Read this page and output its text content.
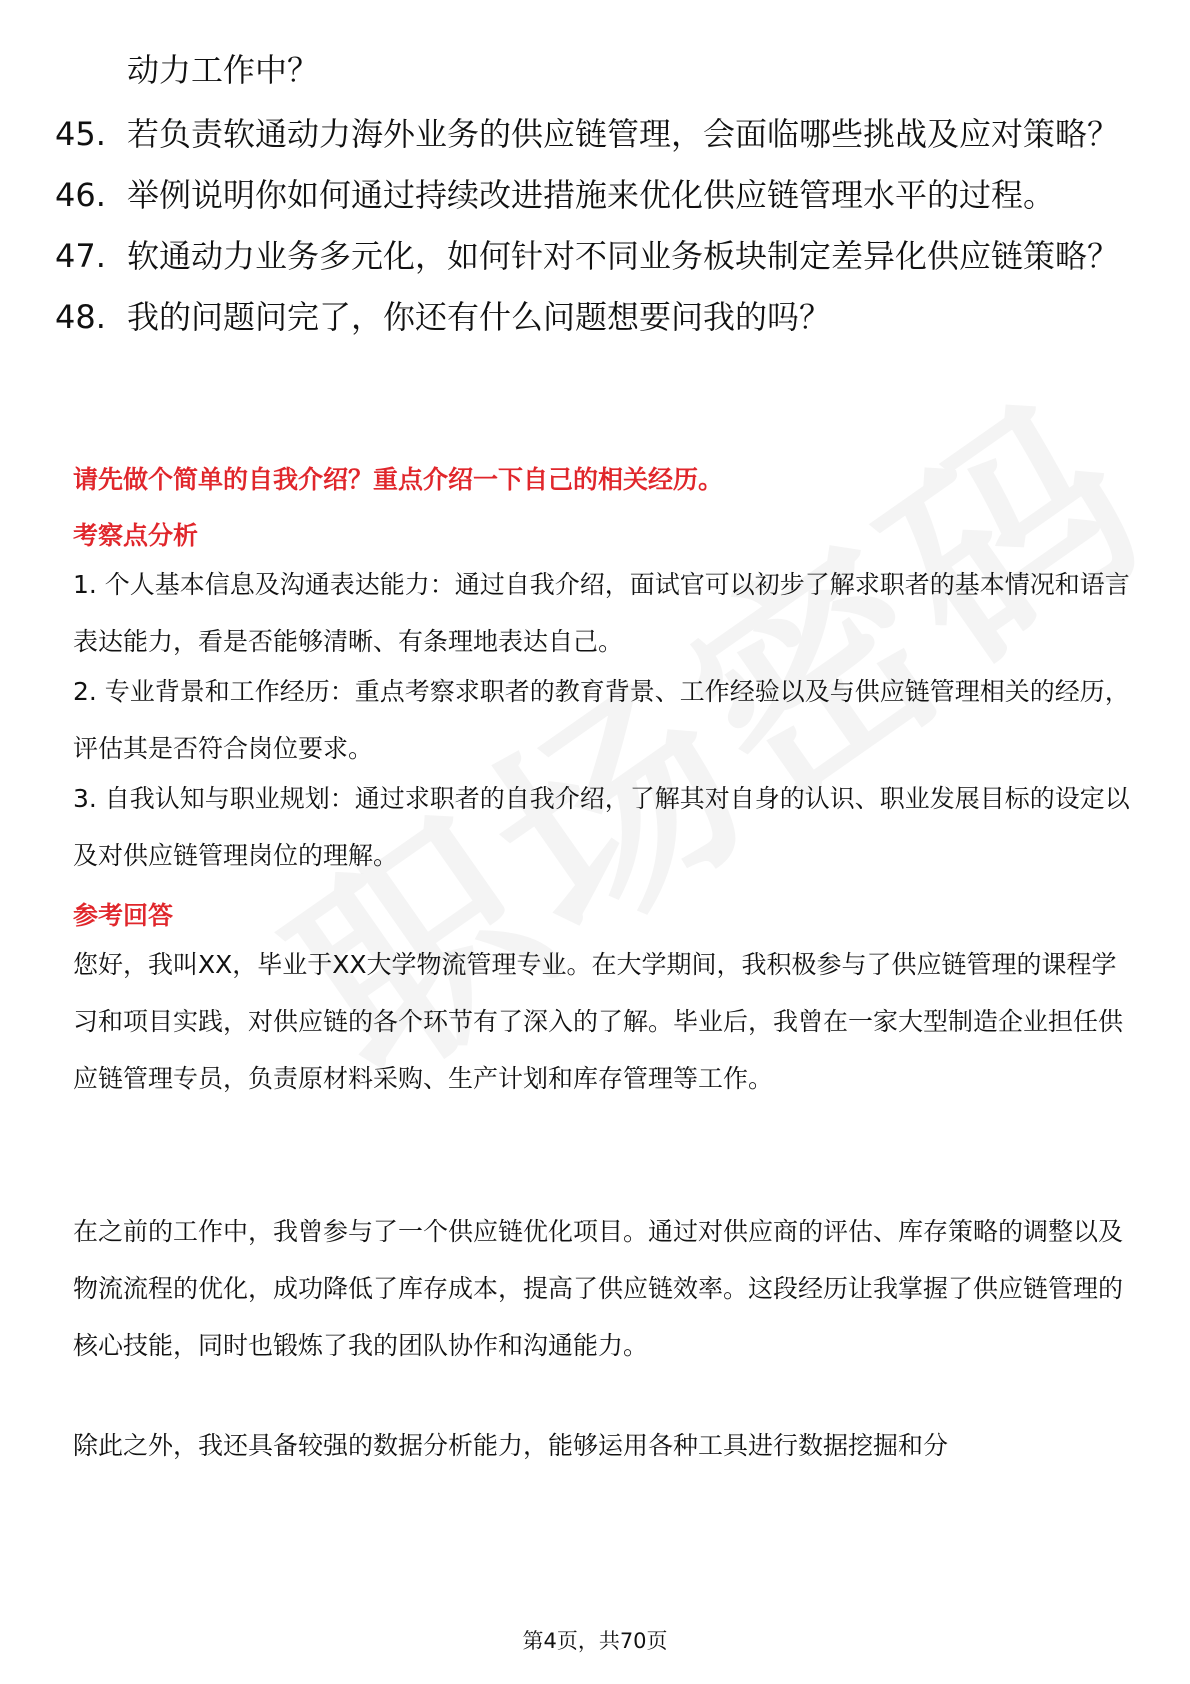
动力工作中？
45. 若负责软通动力海外业务的供应链管理，会面临哪些挑战及应对策略？
46. 举例说明你如何通过持续改进措施来优化供应链管理水平的过程。
47. 软通动力业务多元化，如何针对不同业务板块制定差异化供应链策略？
48. 我的问题问完了，你还有什么问题想要问我的吗？
请先做个简单的自我介绍？重点介绍一下自己的相关经历。
考察点分析

1. 个人基本信息及沟通表达能力：通过自我介绍，面试官可以初步了解求职者的基本情况和语言表达能力，看是否能够清晰、有条理地表达自己。

2. 专业背景和工作经历：重点考察求职者的教育背景、工作经验以及与供应链管理相关的经历，评估其是否符合岗位要求。

3. 自我认知与职业规划：通过求职者的自我介绍，了解其对自身的认识、职业发展目标的设定以及对供应链管理岗位的理解。

参考回答

您好，我叫XX，毕业于XX大学物流管理专业。在大学期间，我积极参与了供应链管理的课程学习和项目实践，对供应链的各个环节有了深入的了解。毕业后，我曾在一家大型制造企业担任供应链管理专员，负责原材料采购、生产计划和库存管理等工作。

在之前的工作中，我曾参与了一个供应链优化项目。通过对供应商的评估、库存策略的调整以及物流流程的优化，成功降低了库存成本，提高了供应链效率。这段经历让我掌握了供应链管理的核心技能，同时也锻炼了我的团队协作和沟通能力。

除此之外，我还具备较强的数据分析能力，能够运用各种工具进行数据挖掘和分

第4页，共70页
